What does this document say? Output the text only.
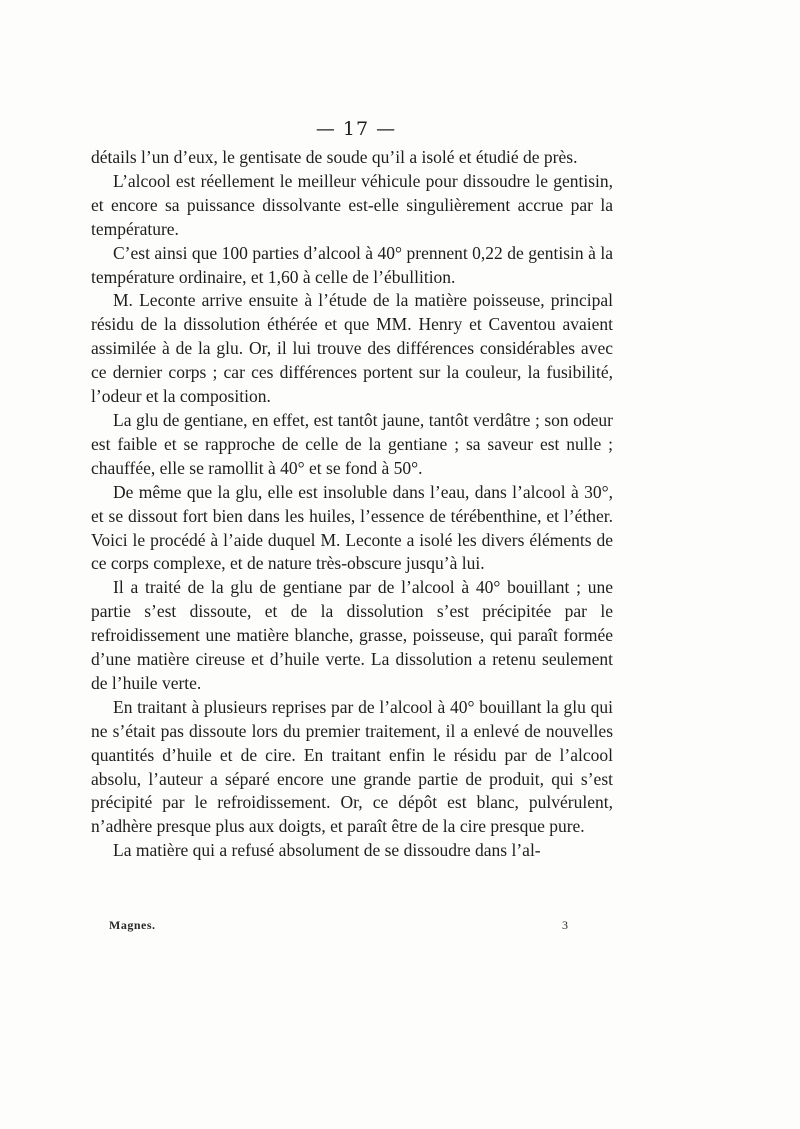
— 17 —

détails l’un d’eux, le gentisate de soude qu’il a isolé et étudié de près.

L’alcool est réellement le meilleur véhicule pour dissoudre le gentisin, et encore sa puissance dissolvante est-elle singulièrement accrue par la température.

C’est ainsi que 100 parties d’alcool à 40° prennent 0,22 de gentisin à la température ordinaire, et 1,60 à celle de l’ébullition.

M. Leconte arrive ensuite à l’étude de la matière poisseuse, principal résidu de la dissolution éthérée et que MM. Henry et Caventou avaient assimilée à de la glu. Or, il lui trouve des différences considérables avec ce dernier corps ; car ces différences portent sur la couleur, la fusibilité, l’odeur et la composition.

La glu de gentiane, en effet, est tantôt jaune, tantôt verdâtre ; son odeur est faible et se rapproche de celle de la gentiane ; sa saveur est nulle ; chauffée, elle se ramollit à 40° et se fond à 50°.

De même que la glu, elle est insoluble dans l’eau, dans l’alcool à 30°, et se dissout fort bien dans les huiles, l’essence de térébenthine, et l’éther. Voici le procédé à l’aide duquel M. Leconte a isolé les divers éléments de ce corps complexe, et de nature très-obscure jusqu’à lui.

Il a traité de la glu de gentiane par de l’alcool à 40° bouillant ; une partie s’est dissoute, et de la dissolution s’est précipitée par le refroidissement une matière blanche, grasse, poisseuse, qui paraît formée d’une matière cireuse et d’huile verte. La dissolution a retenu seulement de l’huile verte.

En traitant à plusieurs reprises par de l’alcool à 40° bouillant la glu qui ne s’était pas dissoute lors du premier traitement, il a enlevé de nouvelles quantités d’huile et de cire. En traitant enfin le résidu par de l’alcool absolu, l’auteur a séparé encore une grande partie de produit, qui s’est précipité par le refroidissement. Or, ce dépôt est blanc, pulvérulent, n’adhère presque plus aux doigts, et paraît être de la cire presque pure.

La matière qui a refusé absolument de se dissoudre dans l’al-

Magnes.	3
